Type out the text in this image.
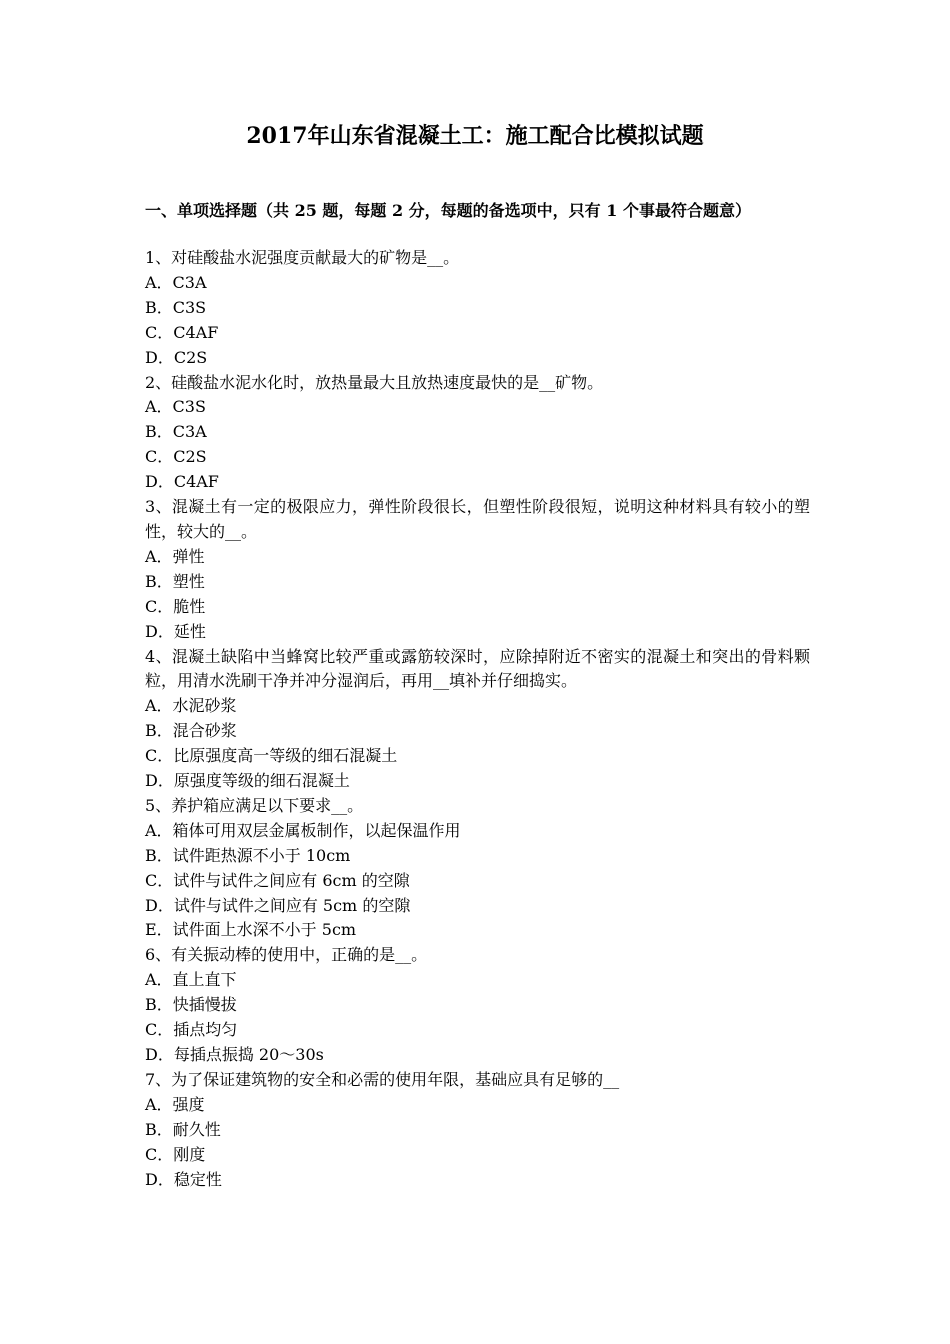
2017年山东省混凝土工：施工配合比模拟试题

一、单项选择题（共 25 题，每题 2 分，每题的备选项中，只有 1 个事最符合题意）

1、对硅酸盐水泥强度贡献最大的矿物是__。

A．C3A

B．C3S

C．C4AF

D．C2S

2、硅酸盐水泥水化时，放热量最大且放热速度最快的是__矿物。

A．C3S

B．C3A

C．C2S

D．C4AF

3、混凝土有一定的极限应力，弹性阶段很长，但塑性阶段很短，说明这种材料具有较小的塑性，较大的__。

A．弹性

B．塑性

C．脆性

D．延性

4、混凝土缺陷中当蜂窝比较严重或露筋较深时，应除掉附近不密实的混凝土和突出的骨料颗粒，用清水洗刷干净并冲分湿润后，再用__填补并仔细捣实。

A．水泥砂浆

B．混合砂浆

C．比原强度高一等级的细石混凝土

D．原强度等级的细石混凝土

5、养护箱应满足以下要求__。

A．箱体可用双层金属板制作，以起保温作用

B．试件距热源不小于 10cm

C．试件与试件之间应有 6cm 的空隙

D．试件与试件之间应有 5cm 的空隙

E．试件面上水深不小于 5cm

6、有关振动棒的使用中，正确的是__。

A．直上直下

B．快插慢拔

C．插点均匀

D．每插点振捣 20～30s

7、为了保证建筑物的安全和必需的使用年限，基础应具有足够的__

A．强度

B．耐久性

C．刚度

D．稳定性
